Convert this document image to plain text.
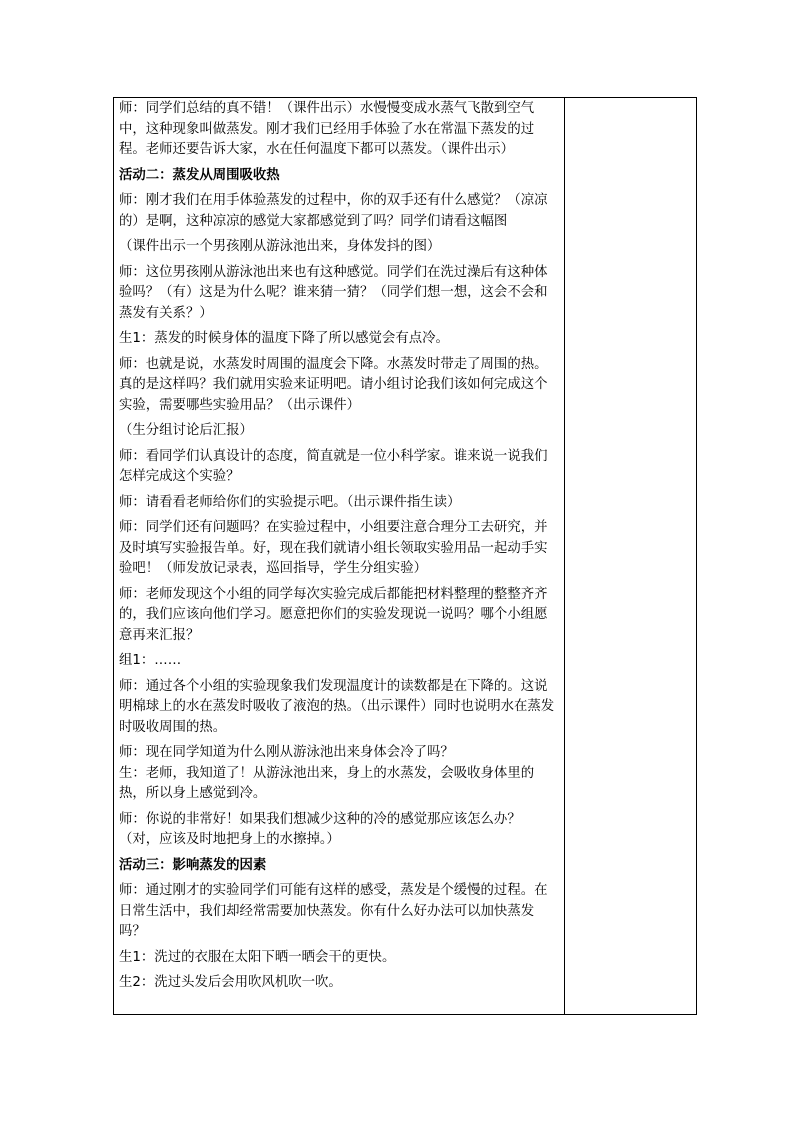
师：同学们总结的真不错！（课件出示）水慢慢变成水蒸气飞散到空气中，这种现象叫做蒸发。刚才我们已经用手体验了水在常温下蒸发的过程。老师还要告诉大家，水在任何温度下都可以蒸发。（课件出示）

活动二：蒸发从周围吸收热

师：刚才我们在用手体验蒸发的过程中，你的双手还有什么感觉？（凉凉的）是啊，这种凉凉的感觉大家都感觉到了吗？同学们请看这幅图

（课件出示一个男孩刚从游泳池出来，身体发抖的图）

师：这位男孩刚从游泳池出来也有这种感觉。同学们在洗过澡后有这种体验吗？（有）这是为什么呢？谁来猜一猜？（同学们想一想，这会不会和蒸发有关系？）

生1：蒸发的时候身体的温度下降了所以感觉会有点冷。

师：也就是说，水蒸发时周围的温度会下降。水蒸发时带走了周围的热。真的是这样吗？我们就用实验来证明吧。请小组讨论我们该如何完成这个实验，需要哪些实验用品？（出示课件）

（生分组讨论后汇报）

师：看同学们认真设计的态度，简直就是一位小科学家。谁来说一说我们怎样完成这个实验？

师：请看看老师给你们的实验提示吧。（出示课件指生读）

师：同学们还有问题吗？在实验过程中，小组要注意合理分工去研究，并及时填写实验报告单。好，现在我们就请小组长领取实验用品一起动手实验吧！（师发放记录表，巡回指导，学生分组实验）

师：老师发现这个小组的同学每次实验完成后都能把材料整理的整整齐齐的，我们应该向他们学习。愿意把你们的实验发现说一说吗？哪个小组愿意再来汇报？

组1：……

师：通过各个小组的实验现象我们发现温度计的读数都是在下降的。这说明棉球上的水在蒸发时吸收了液泡的热。（出示课件）同时也说明水在蒸发时吸收周围的热。

师：现在同学知道为什么刚从游泳池出来身体会冷了吗？

生：老师，我知道了！从游泳池出来，身上的水蒸发，会吸收身体里的热，所以身上感觉到冷。

师：你说的非常好！如果我们想减少这种的冷的感觉那应该怎么办？（对，应该及时地把身上的水擦掉。）

活动三：影响蒸发的因素

师：通过刚才的实验同学们可能有这样的感受，蒸发是个缓慢的过程。在日常生活中，我们却经常需要加快蒸发。你有什么好办法可以加快蒸发吗？

生1：洗过的衣服在太阳下晒一晒会干的更快。

生2：洗过头发后会用吹风机吹一吹。
